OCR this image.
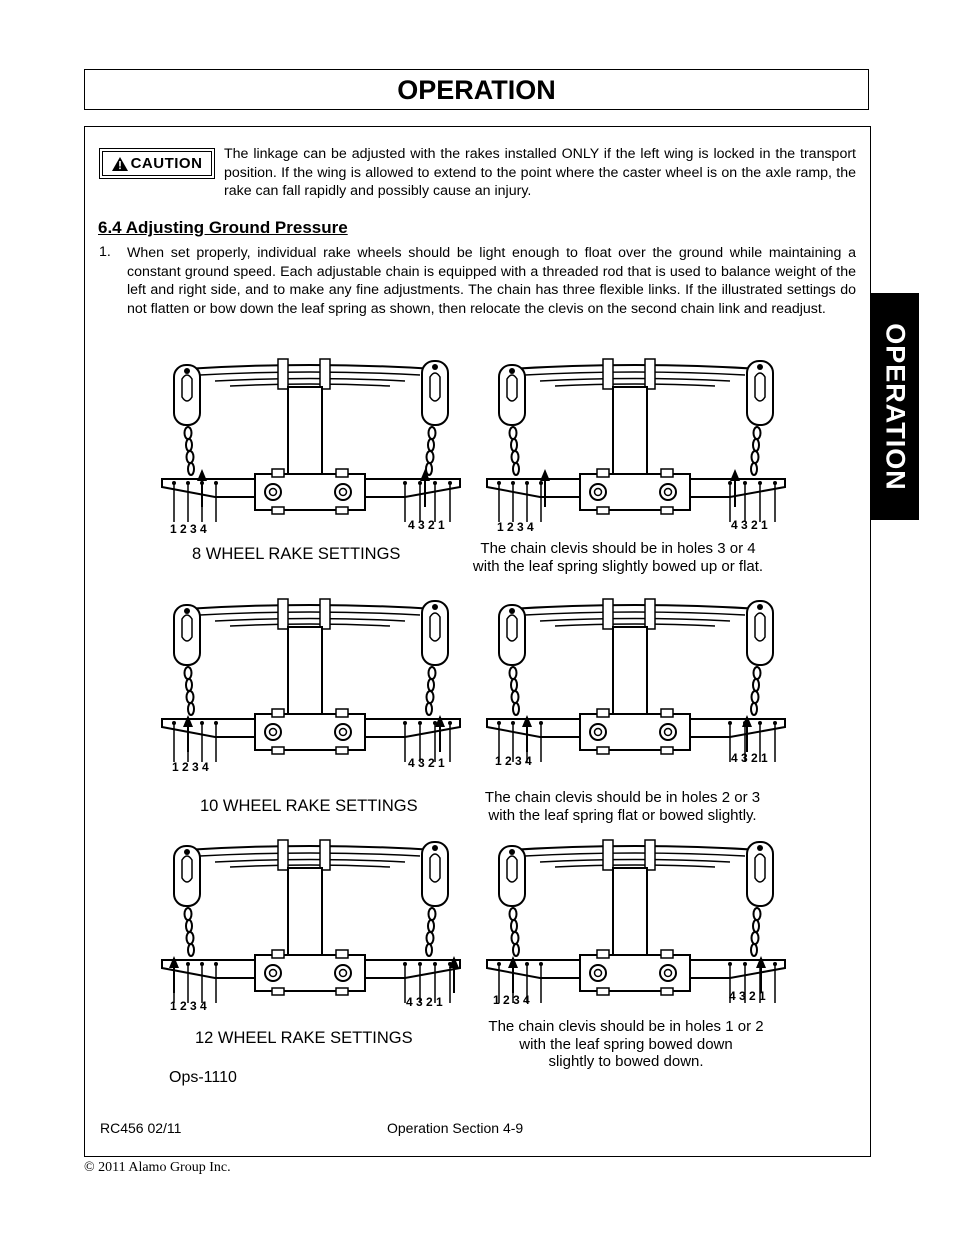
OPERATION
OPERATION
CAUTION
The linkage can be adjusted with the rakes installed ONLY if the left wing is locked in the transport position. If the wing is allowed to extend to the point where the caster wheel is on the axle ramp, the rake can fall rapidly and possibly cause an injury.
6.4 Adjusting Ground Pressure
1. When set properly, individual rake wheels should be light enough to float over the ground while maintaining a constant ground speed. Each adjustable chain is equipped with a threaded rod that is used to balance weight of the left and right side, and to make any fine adjustments. The chain has three flexible links. If the illustrated settings do not flatten or bow down the leaf spring as shown, then relocate the clevis on the second chain link and readjust.
1 2 3 4	4 3 2 1	1 2 3 4	4 3 2 1
8 WHEEL RAKE SETTINGS	The chain clevis should be in holes 3 or 4
with the leaf spring slightly bowed up or flat.
1 2 3 4	4 3 2 1	1 2 3 4	4 3 2 1
10 WHEEL RAKE SETTINGS	The chain clevis should be in holes 2 or 3
with the leaf spring flat or bowed slightly.
1 2 3 4	4 3 2 1	1 2 3 4	4 3 2 1
12 WHEEL RAKE SETTINGS
The chain clevis should be in holes 1 or 2
with the leaf spring bowed down
slightly to bowed down.
Ops-1110
RC456 02/11	Operation Section 4-9
© 2011 Alamo Group Inc.
